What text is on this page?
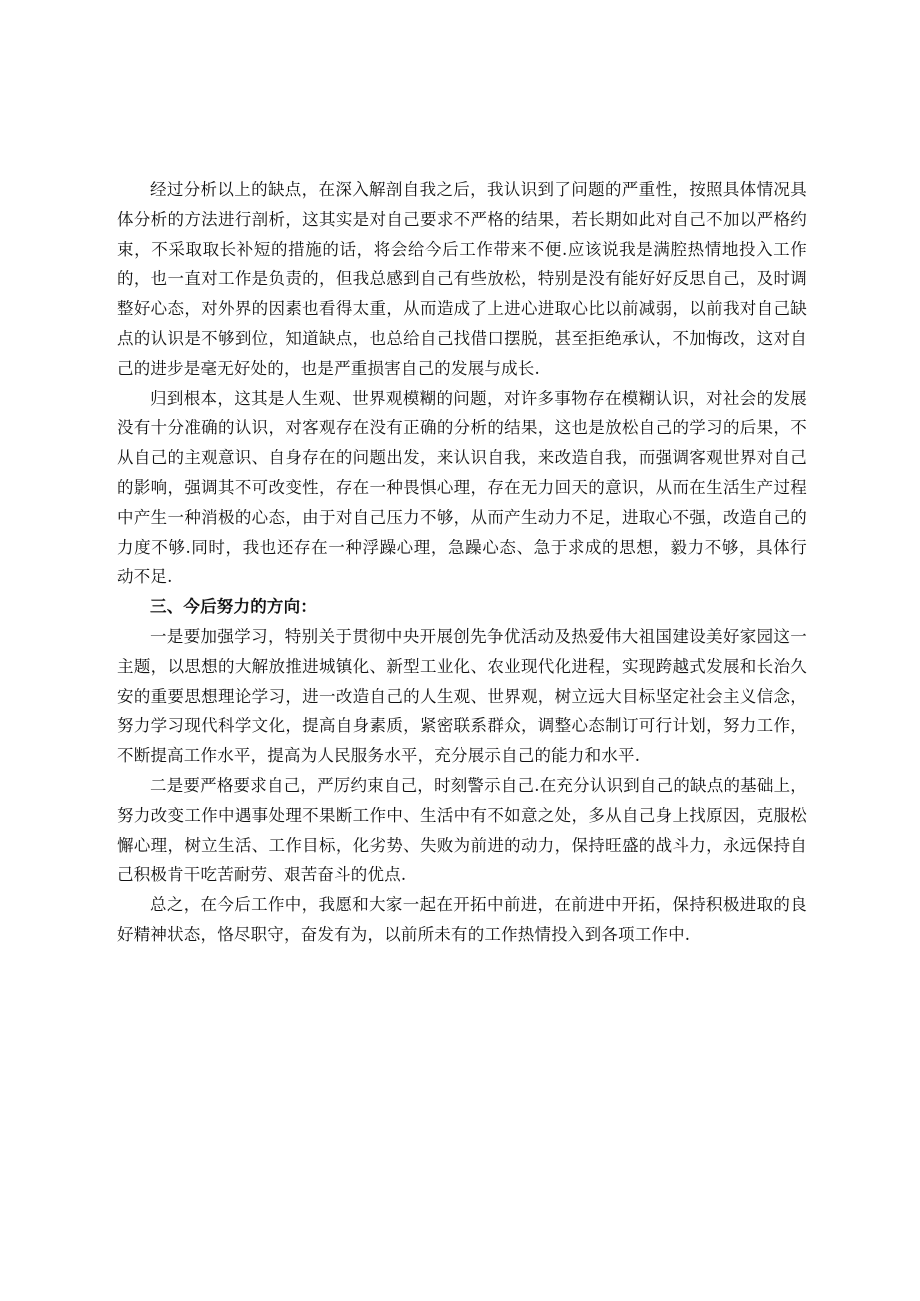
经过分析以上的缺点，在深入解剖自我之后，我认识到了问题的严重性，按照具体情况具体分析的方法进行剖析，这其实是对自己要求不严格的结果，若长期如此对自己不加以严格约束，不采取取长补短的措施的话，将会给今后工作带来不便.应该说我是满腔热情地投入工作的，也一直对工作是负责的，但我总感到自己有些放松，特别是没有能好好反思自己，及时调整好心态，对外界的因素也看得太重，从而造成了上进心进取心比以前减弱，以前我对自己缺点的认识是不够到位，知道缺点，也总给自己找借口摆脱，甚至拒绝承认，不加悔改，这对自己的进步是毫无好处的，也是严重损害自己的发展与成长.

归到根本，这其是人生观、世界观模糊的问题，对许多事物存在模糊认识，对社会的发展没有十分准确的认识，对客观存在没有正确的分析的结果，这也是放松自己的学习的后果，不从自己的主观意识、自身存在的问题出发，来认识自我，来改造自我，而强调客观世界对自己的影响，强调其不可改变性，存在一种畏惧心理，存在无力回天的意识，从而在生活生产过程中产生一种消极的心态，由于对自己压力不够，从而产生动力不足，进取心不强，改造自己的力度不够.同时，我也还存在一种浮躁心理，急躁心态、急于求成的思想，毅力不够，具体行动不足.

三、今后努力的方向：

一是要加强学习，特别关于贯彻中央开展创先争优活动及热爱伟大祖国建设美好家园这一主题，以思想的大解放推进城镇化、新型工业化、农业现代化进程，实现跨越式发展和长治久安的重要思想理论学习，进一改造自己的人生观、世界观，树立远大目标坚定社会主义信念，努力学习现代科学文化，提高自身素质，紧密联系群众，调整心态制订可行计划，努力工作，不断提高工作水平，提高为人民服务水平，充分展示自己的能力和水平.

二是要严格要求自己，严厉约束自己，时刻警示自己.在充分认识到自己的缺点的基础上，努力改变工作中遇事处理不果断工作中、生活中有不如意之处，多从自己身上找原因，克服松懈心理，树立生活、工作目标，化劣势、失败为前进的动力，保持旺盛的战斗力，永远保持自己积极肯干吃苦耐劳、艰苦奋斗的优点.

总之，在今后工作中，我愿和大家一起在开拓中前进，在前进中开拓，保持积极进取的良好精神状态，恪尽职守，奋发有为，以前所未有的工作热情投入到各项工作中.
